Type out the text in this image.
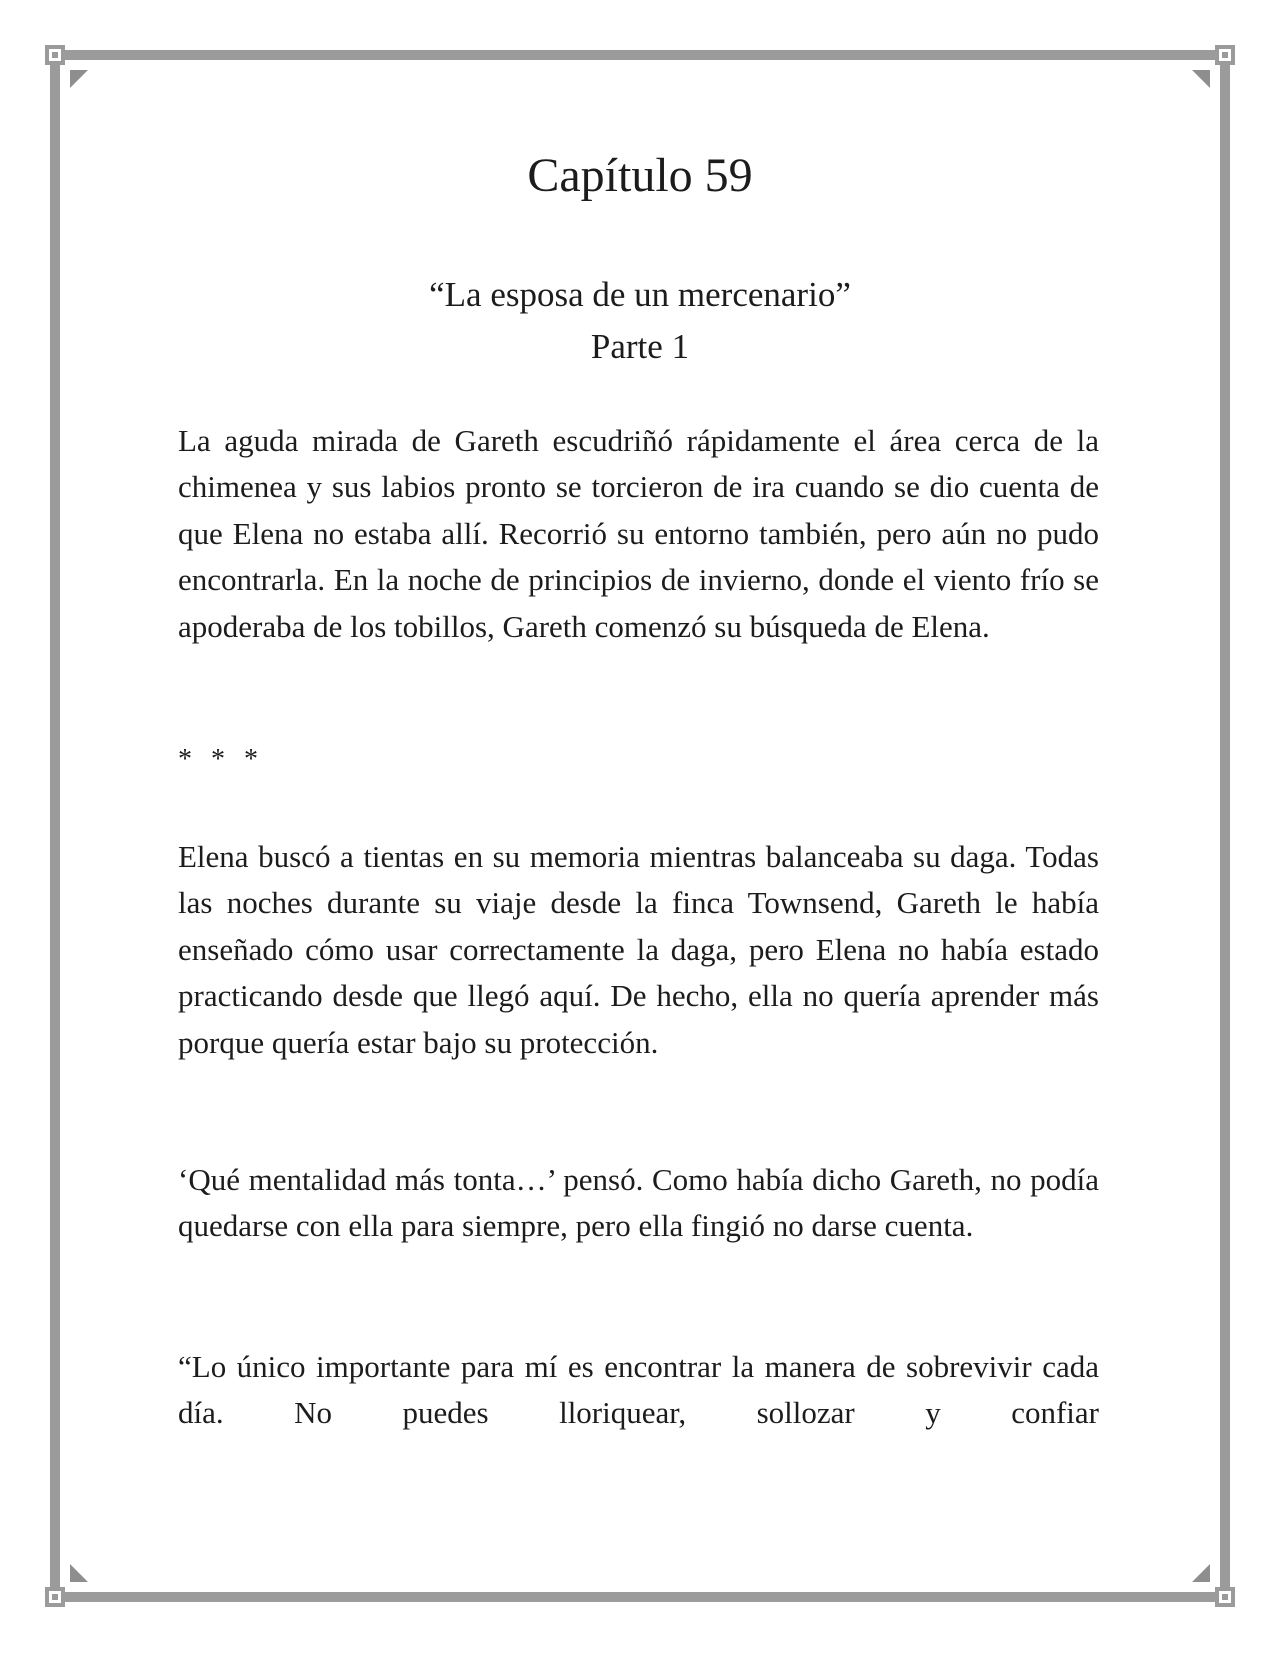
Capítulo 59

“La esposa de un mercenario”

Parte 1

La aguda mirada de Gareth escudriñó rápidamente el área cerca de la chimenea y sus labios pronto se torcieron de ira cuando se dio cuenta de que Elena no estaba allí. Recorrió su entorno también, pero aún no pudo encontrarla. En la noche de principios de invierno, donde el viento frío se apoderaba de los tobillos, Gareth comenzó su búsqueda de Elena.

* * *

Elena buscó a tientas en su memoria mientras balanceaba su daga. Todas las noches durante su viaje desde la finca Townsend, Gareth le había enseñado cómo usar correctamente la daga, pero Elena no había estado practicando desde que llegó aquí. De hecho, ella no quería aprender más porque quería estar bajo su protección.

‘Qué mentalidad más tonta…’ pensó. Como había dicho Gareth, no podía quedarse con ella para siempre, pero ella fingió no darse cuenta.

“Lo único importante para mí es encontrar la manera de sobrevivir cada día. No puedes lloriquear, sollozar y confiar
